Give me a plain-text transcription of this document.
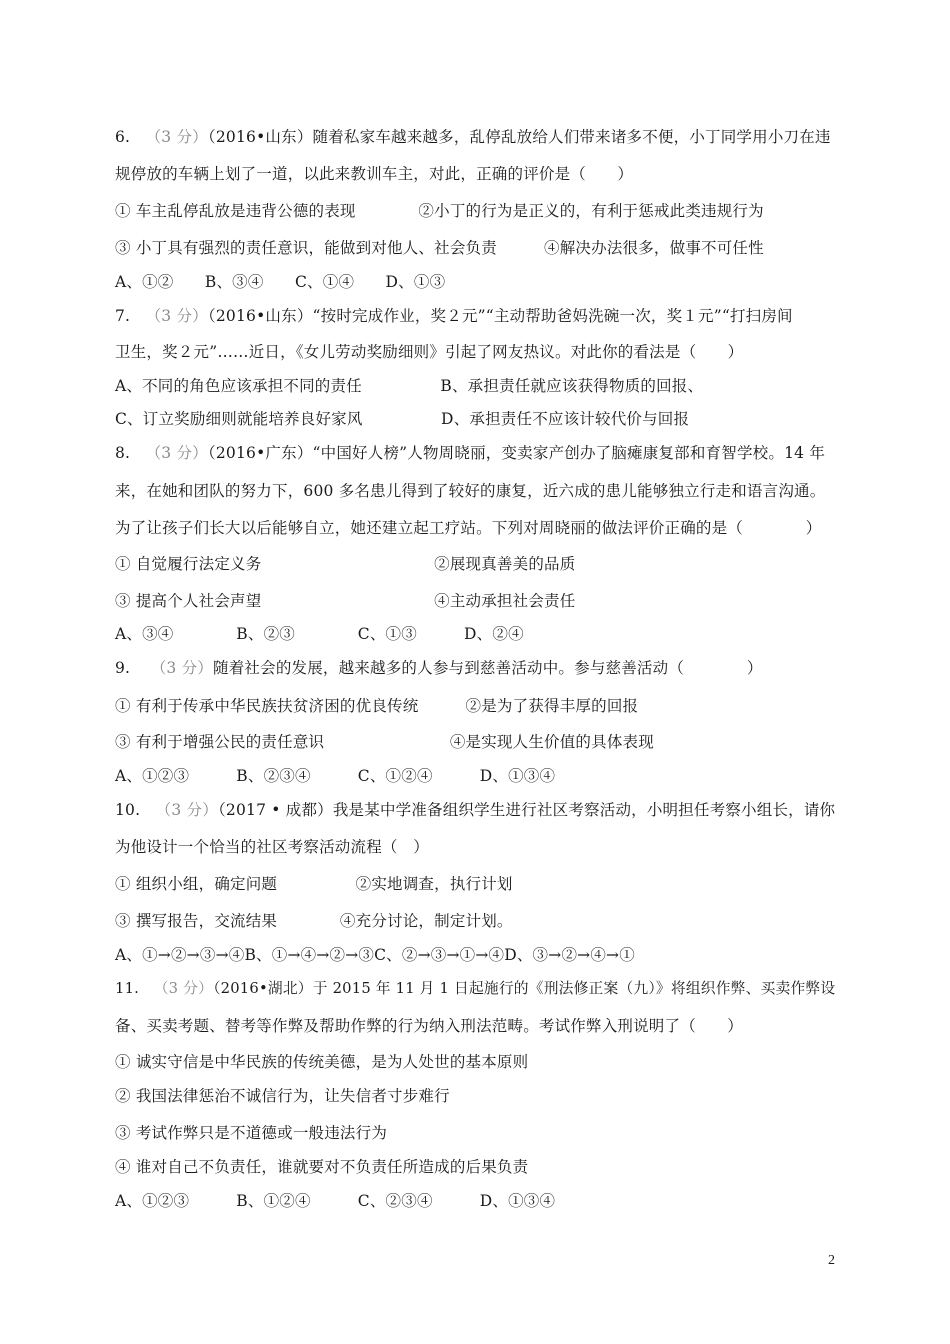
6. （3 分）（2016•山东）随着私家车越来越多，乱停乱放给人们带来诸多不便，小丁同学用小刀在违

规停放的车辆上划了一道，以此来教训车主，对此，正确的评价是（　　）

① 车主乱停乱放是违背公德的表现　　　　②小丁的行为是正义的，有利于惩戒此类违规行为

③ 小丁具有强烈的责任意识，能做到对他人、社会负责　　　④解决办法很多，做事不可任性

A、①②　　B、③④　　C、①④　　D、①③

7. （3 分）（2016•山东）“按时完成作业，奖２元”“主动帮助爸妈洗碗一次，奖１元”“打扫房间

卫生，奖２元”……近日，《女儿劳动奖励细则》引起了网友热议。对此你的看法是（　　）

A、不同的角色应该承担不同的责任　　　　　B、承担责任就应该获得物质的回报、

C、订立奖励细则就能培养良好家风　　　　　D、承担责任不应该计较代价与回报

8. （3 分）（2016•广东）“中国好人榜”人物周晓丽，变卖家产创办了脑瘫康复部和育智学校。14 年

来，在她和团队的努力下，600 多名患儿得到了较好的康复，近六成的患儿能够独立行走和语言沟通。

为了让孩子们长大以后能够自立，她还建立起工疗站。下列对周晓丽的做法评价正确的是（　　　　）

① 自觉履行法定义务　　　　　　　　　　　②展现真善美的品质

③ 提高个人社会声望　　　　　　　　　　　④主动承担社会责任

A、③④　　　　B、②③　　　　C、①③　　　D、②④

9. （3 分）随着社会的发展，越来越多的人参与到慈善活动中。参与慈善活动（　　　　）

① 有利于传承中华民族扶贫济困的优良传统　　　②是为了获得丰厚的回报

③ 有利于增强公民的责任意识　　　　　　　　④是实现人生价值的具体表现

A、①②③　　　B、②③④　　　C、①②④　　　D、①③④

10. （3 分）（2017 • 成都）我是某中学准备组织学生进行社区考察活动，小明担任考察小组长，请你

为他设计一个恰当的社区考察活动流程（　）

① 组织小组，确定问题　　　　　②实地调查，执行计划

③ 撰写报告，交流结果　　　　④充分讨论，制定计划。

A、①→②→③→④B、①→④→②→③C、②→③→①→④D、③→②→④→①

11. （3 分）（2016•湖北）于 2015 年 11 月 1 日起施行的《刑法修正案（九）》将组织作弊、买卖作弊设

备、买卖考题、替考等作弊及帮助作弊的行为纳入刑法范畴。考试作弊入刑说明了（　　）

① 诚实守信是中华民族的传统美德，是为人处世的基本原则

② 我国法律惩治不诚信行为，让失信者寸步难行

③ 考试作弊只是不道德或一般违法行为

④ 谁对自己不负责任，谁就要对不负责任所造成的后果负责

A、①②③　　　B、①②④　　　C、②③④　　　D、①③④

2
